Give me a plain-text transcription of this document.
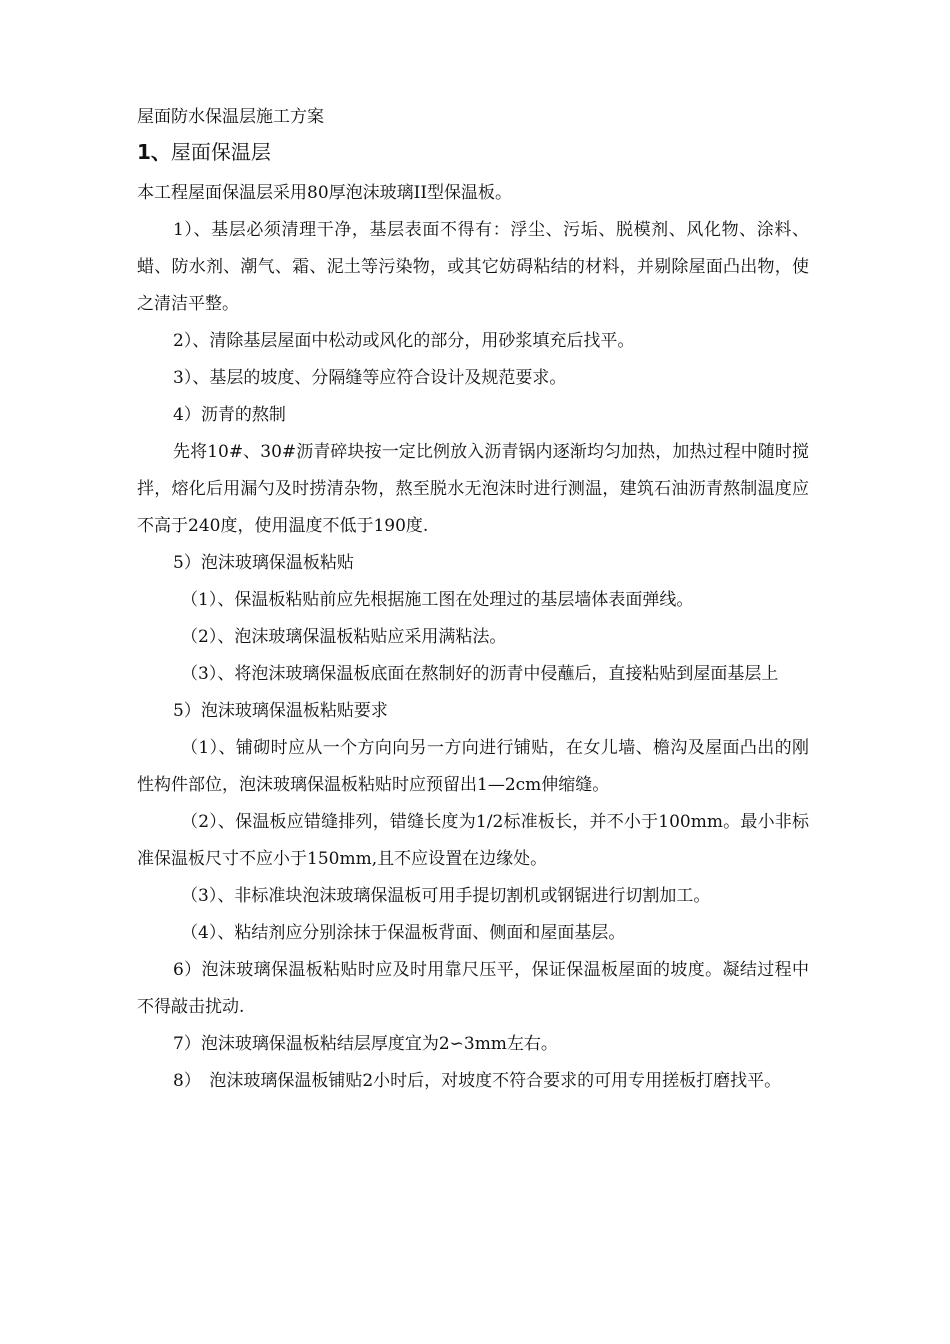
屋面防水保温层施工方案
1、屋面保温层

本工程屋面保温层采用80厚泡沫玻璃II型保温板。

1）、基层必须清理干净，基层表面不得有：浮尘、污垢、脱模剂、风化物、涂料、蜡、防水剂、潮气、霜、泥土等污染物，或其它妨碍粘结的材料，并剔除屋面凸出物，使之清洁平整。

2）、清除基层屋面中松动或风化的部分，用砂浆填充后找平。

3）、基层的坡度、分隔缝等应符合设计及规范要求。

4）沥青的熬制

先将10#、30#沥青碎块按一定比例放入沥青锅内逐渐均匀加热，加热过程中随时搅拌，熔化后用漏勺及时捞清杂物，熬至脱水无泡沫时进行测温，建筑石油沥青熬制温度应不高于240度，使用温度不低于190度.

5）泡沫玻璃保温板粘贴

（1）、保温板粘贴前应先根据施工图在处理过的基层墙体表面弹线。

（2）、泡沫玻璃保温板粘贴应采用满粘法。

（3）、将泡沫玻璃保温板底面在熬制好的沥青中侵蘸后，直接粘贴到屋面基层上

5）泡沫玻璃保温板粘贴要求

（1）、铺砌时应从一个方向向另一方向进行铺贴，在女儿墙、檐沟及屋面凸出的刚性构件部位，泡沫玻璃保温板粘贴时应预留出1—2cm伸缩缝。

（2）、保温板应错缝排列，错缝长度为1/2标准板长，并不小于100mm。最小非标准保温板尺寸不应小于150mm,且不应设置在边缘处。

（3）、非标准块泡沫玻璃保温板可用手提切割机或钢锯进行切割加工。

（4）、粘结剂应分别涂抹于保温板背面、侧面和屋面基层。

6）泡沫玻璃保温板粘贴时应及时用靠尺压平，保证保温板屋面的坡度。凝结过程中不得敲击扰动.

7）泡沫玻璃保温板粘结层厚度宜为2∽3mm左右。

8）　泡沫玻璃保温板铺贴2小时后，对坡度不符合要求的可用专用搓板打磨找平。
